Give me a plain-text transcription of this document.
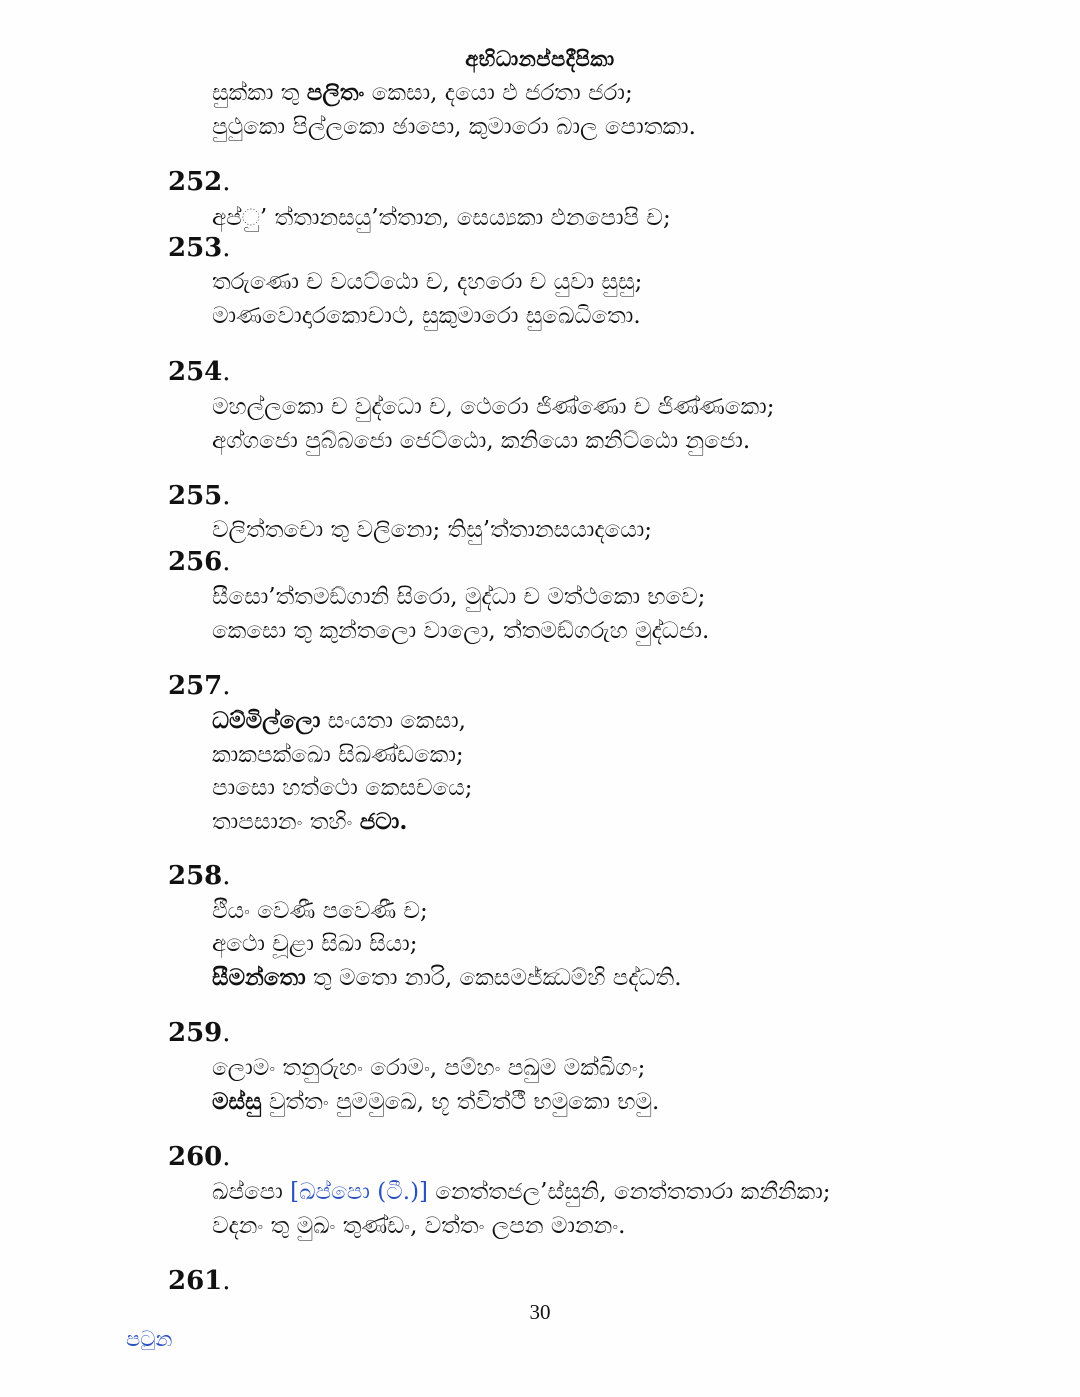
අභිධානප්පදීපිකා
සුක්කා තු පලිතං කෙසා, දයො ඵ ජරතා ජරා;
පුථුකො පිල්ලකො ඡාපො, කුමාරො බාල පොතකා.
252.
අප්ු’ ත්තානසයු’ත්තාන, සෙය්‍යකා ඵනපොපි ච;
253.
තරුණො ච වයට්ඨො ච, දහරො ච යුවා සුසු;
මාණවොදාරකොචාථ, සුකුමාරො සුඛෙධිතො.
254.
මහල්ලකො ච වුද්ධො ච, ථෙරො ජිණ්ණො ච ජිණ්ණකො;
අග්ගජො පුබ්බජො ජෙට්ඨො, කනියො කනිට්ඨො නුජො.
255.
වලිත්තචො තු වලිනො; තිසු’ත්තානසයාදයො;
256.
සීසො’ත්තමඞ්ගානි සිරො, මුද්ධා ච මත්ථකො භවෙ;
කෙසො තු කුන්තලො වාලො, ත්තමඞ්ගරුහ මුද්ධජා.
257.
ධම්මිල්ලො සංයතා කෙසා,
කාකපක්ඛො සිඛණ්ඩකො;
පාසො හත්ථො කෙසචයෙ;
තාපසානං තහිං ජටා.
258.
ඵීයං වෙණී පවෙණී ච;
අථො චූළා සිඛා සියා;
සීමන්තො තු මතො නාරි, කෙසමජ්ඣම්හි පද්ධති.
259.
ලොමං තනුරුහං රොමං, පම්හං පඛුම මක්ඛිගං;
මස්සු වුත්තං පුමමුඛෙ, භූ ත්විත්ථී භමුකො භමු.
260.
ඛප්පො [ඛප්පො (ටී.)] නෙත්තජල’ස්සුනි, නෙත්තතාරා කනීනිකා;
වදනං තු මුඛං තුණ්ඩං, වත්තං ලපන මානනං.
261.
30
පටුන
